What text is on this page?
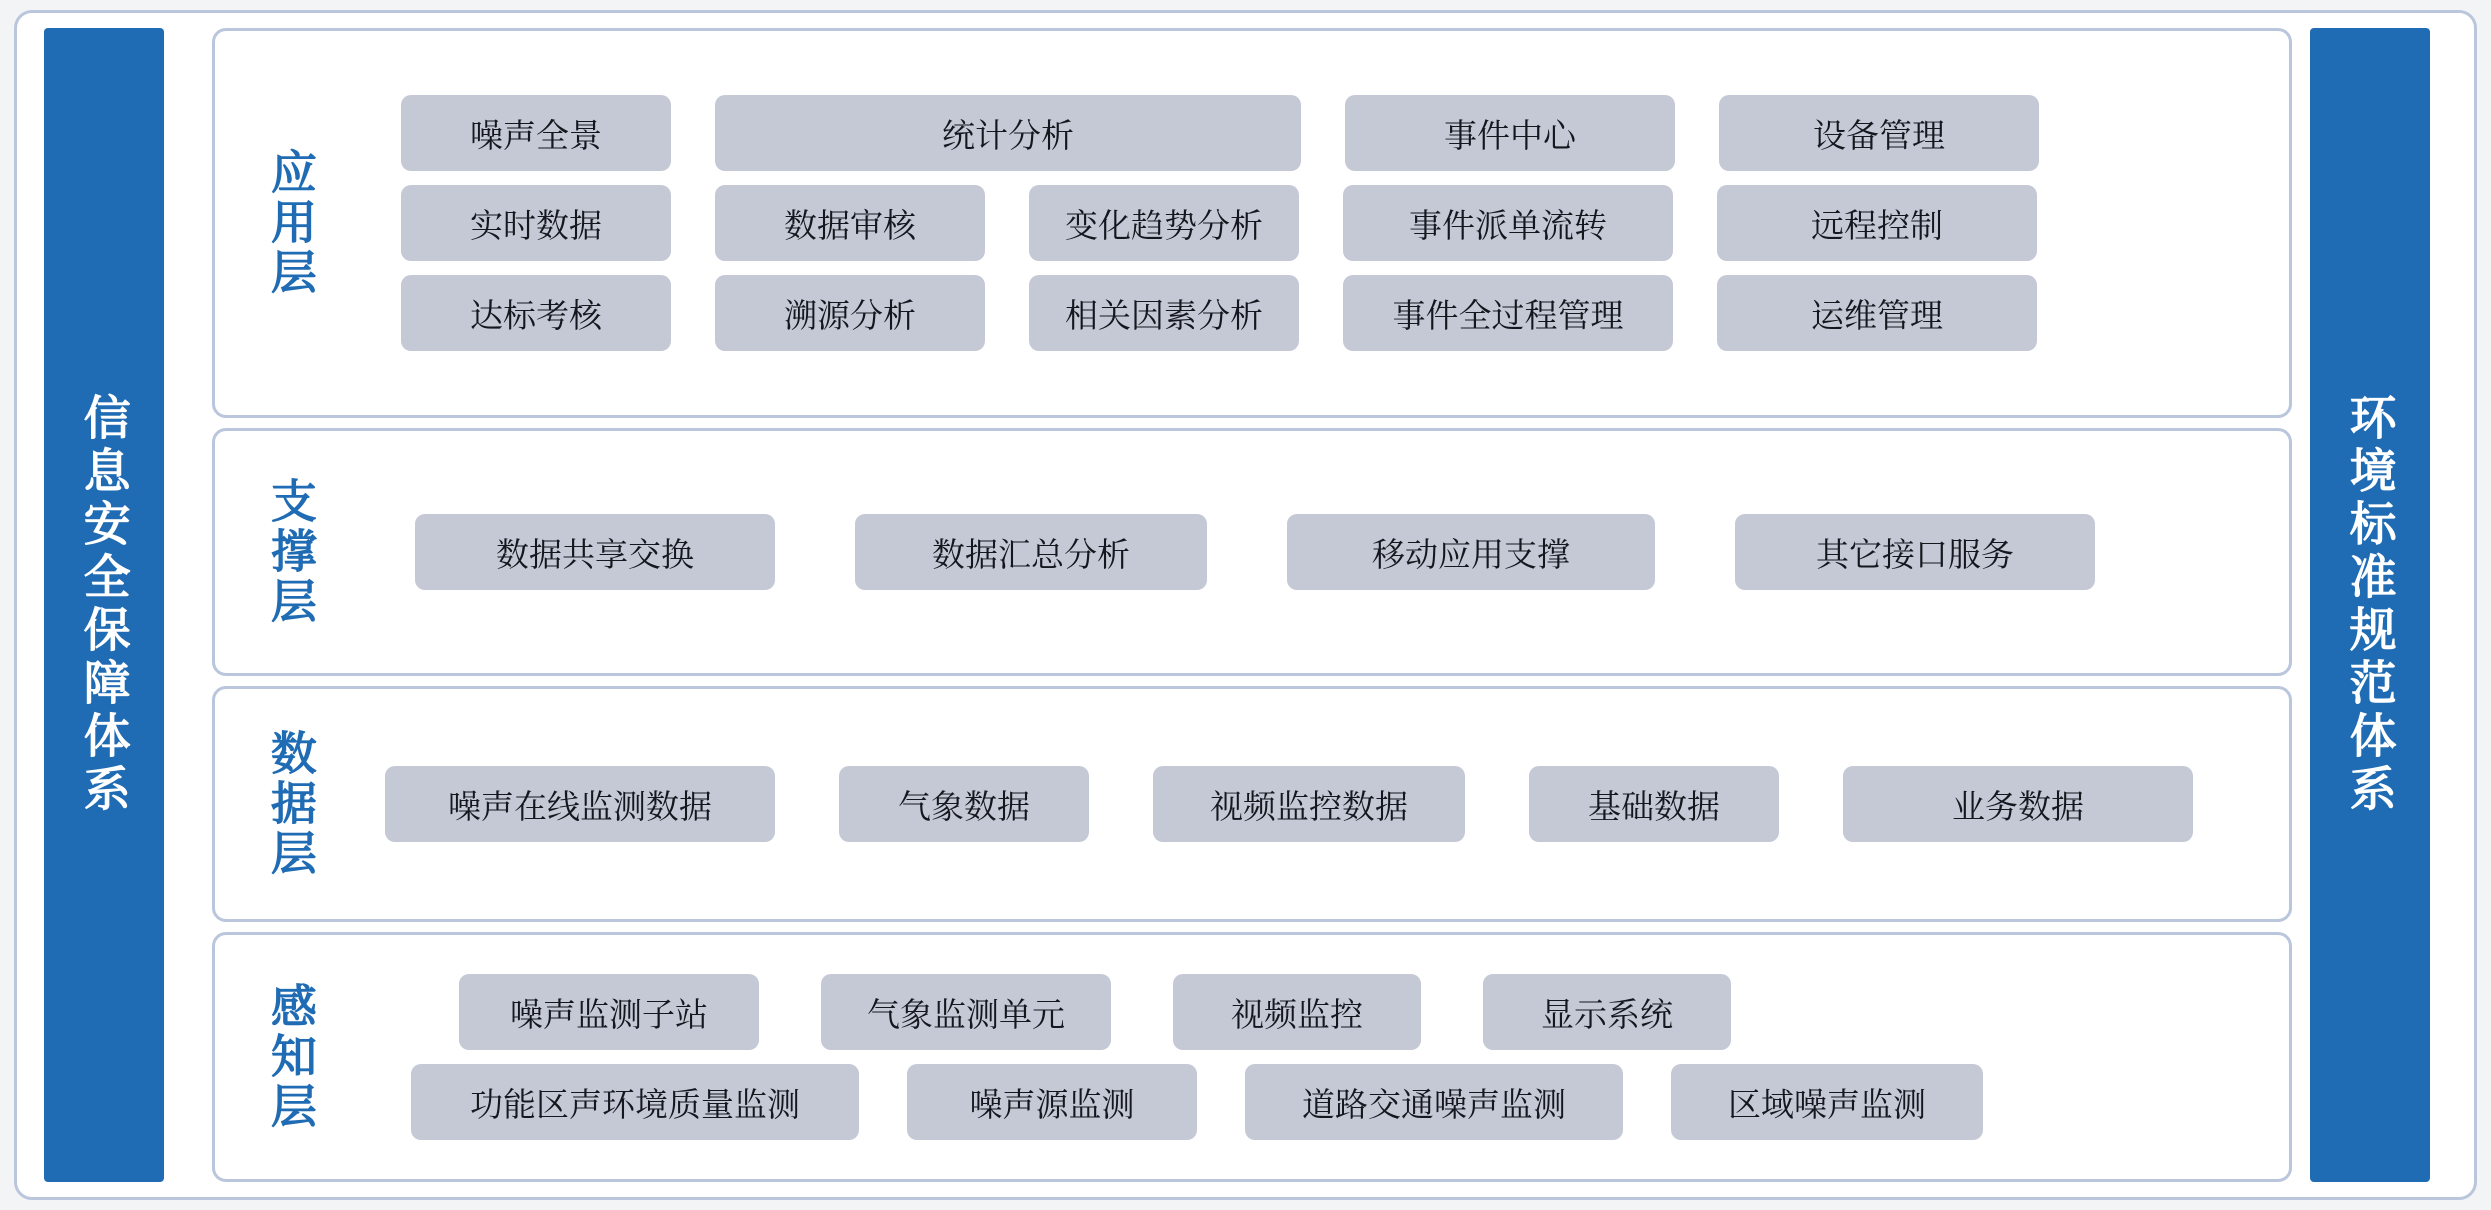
信息安全保障体系	环境标准规范体系
应用层
噪声全景	统计分析	事件中心	设备管理
实时数据	数据审核	变化趋势分析	事件派单流转	远程控制
达标考核	溯源分析	相关因素分析	事件全过程管理	运维管理
支撑层	数据共享交换	数据汇总分析	移动应用支撑	其它接口服务
数据层	噪声在线监测数据	气象数据	视频监控数据	基础数据	业务数据
感知层	噪声监测子站	气象监测单元	视频监控	显示系统
功能区声环境质量监测	噪声源监测	道路交通噪声监测	区域噪声监测
